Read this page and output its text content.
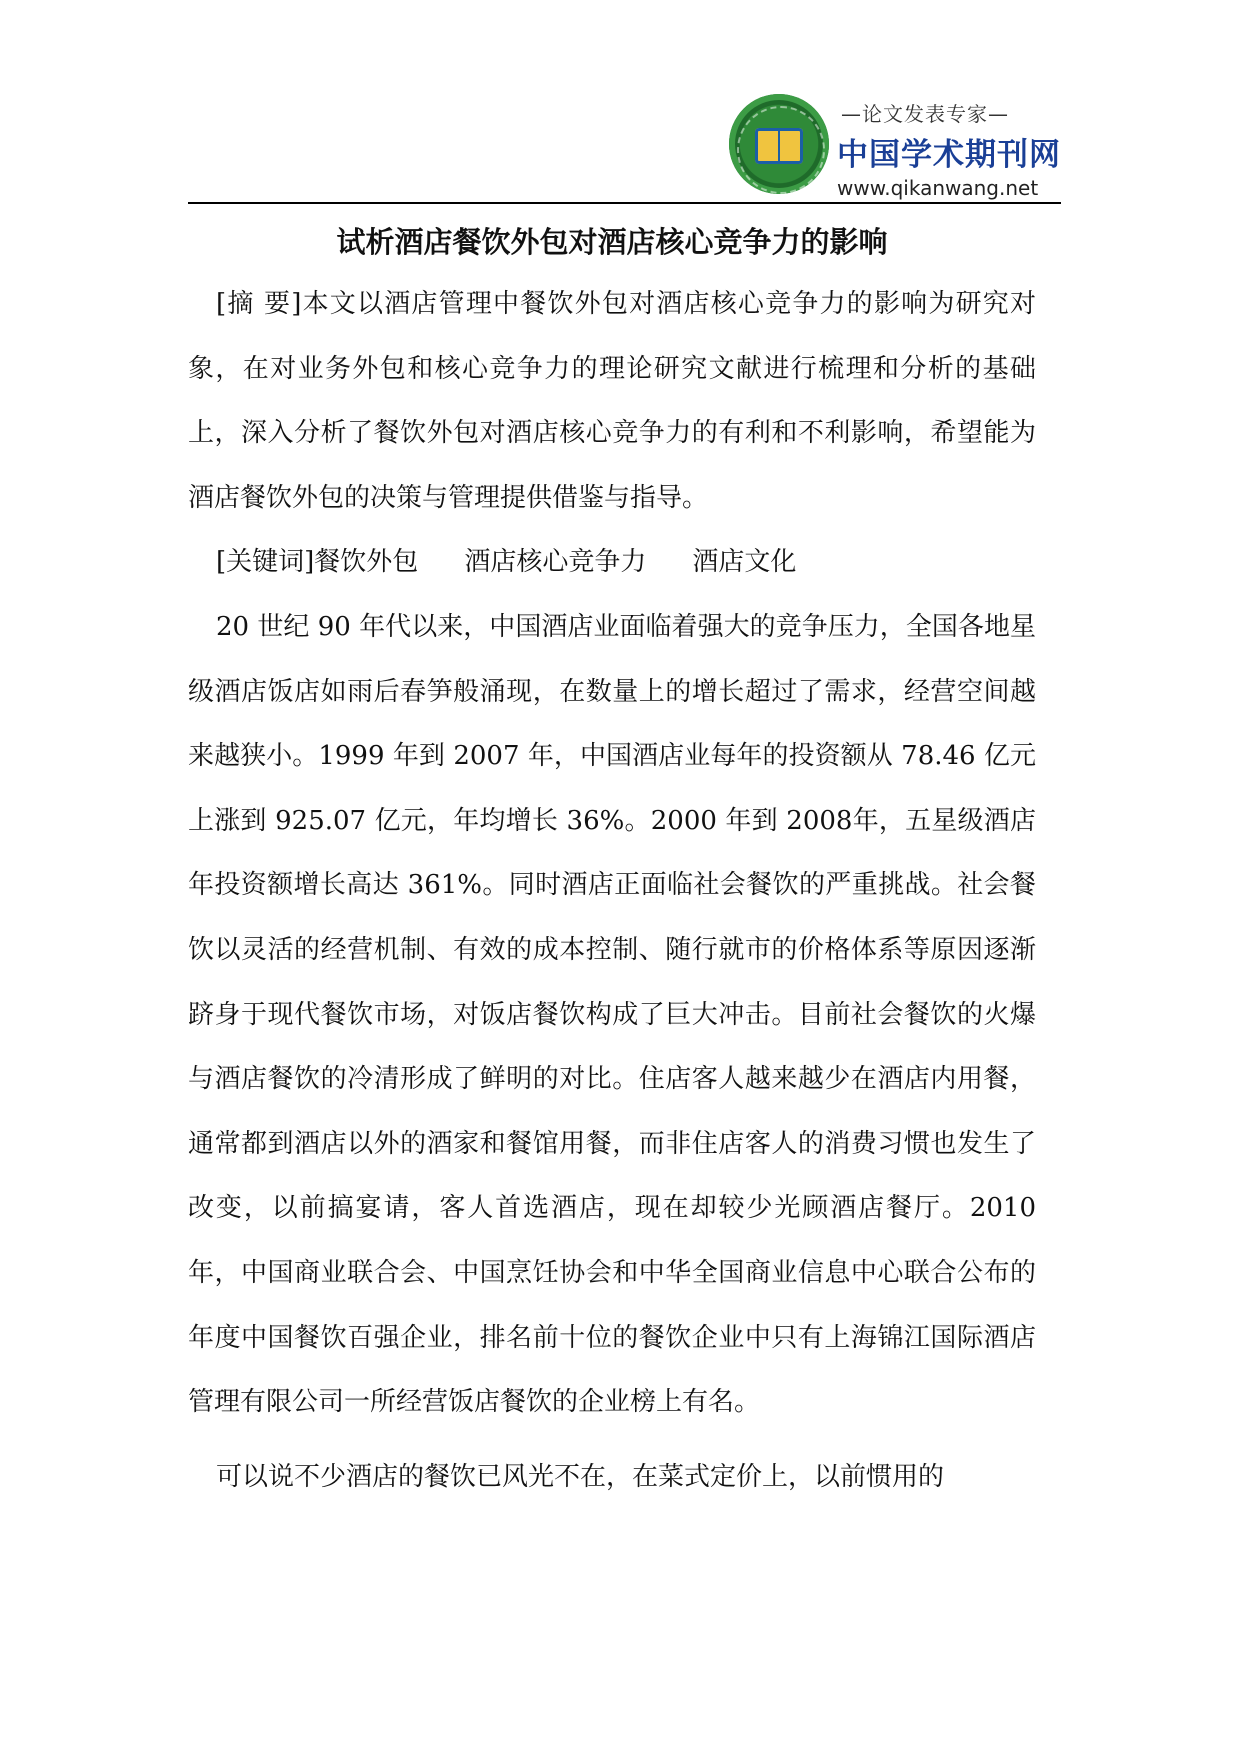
—论文发表专家—
中国学术期刊网
www.qikanwang.net
试析酒店餐饮外包对酒店核心竞争力的影响

[摘 要]本文以酒店管理中餐饮外包对酒店核心竞争力的影响为研究对象，在对业务外包和核心竞争力的理论研究文献进行梳理和分析的基础上，深入分析了餐饮外包对酒店核心竞争力的有利和不利影响，希望能为酒店餐饮外包的决策与管理提供借鉴与指导。

[关键词]餐饮外包 酒店核心竞争力 酒店文化

20 世纪 90 年代以来，中国酒店业面临着强大的竞争压力，全国各地星级酒店饭店如雨后春笋般涌现，在数量上的增长超过了需求，经营空间越来越狭小。1999 年到 2007 年，中国酒店业每年的投资额从 78.46 亿元上涨到 925.07 亿元，年均增长 36%。2000 年到 2008年，五星级酒店年投资额增长高达 361%。同时酒店正面临社会餐饮的严重挑战。社会餐饮以灵活的经营机制、有效的成本控制、随行就市的价格体系等原因逐渐跻身于现代餐饮市场，对饭店餐饮构成了巨大冲击。目前社会餐饮的火爆与酒店餐饮的冷清形成了鲜明的对比。住店客人越来越少在酒店内用餐，通常都到酒店以外的酒家和餐馆用餐，而非住店客人的消费习惯也发生了改变，以前搞宴请，客人首选酒店，现在却较少光顾酒店餐厅。2010 年，中国商业联合会、中国烹饪协会和中华全国商业信息中心联合公布的年度中国餐饮百强企业，排名前十位的餐饮企业中只有上海锦江国际酒店管理有限公司一所经营饭店餐饮的企业榜上有名。

可以说不少酒店的餐饮已风光不在，在菜式定价上，以前惯用的
